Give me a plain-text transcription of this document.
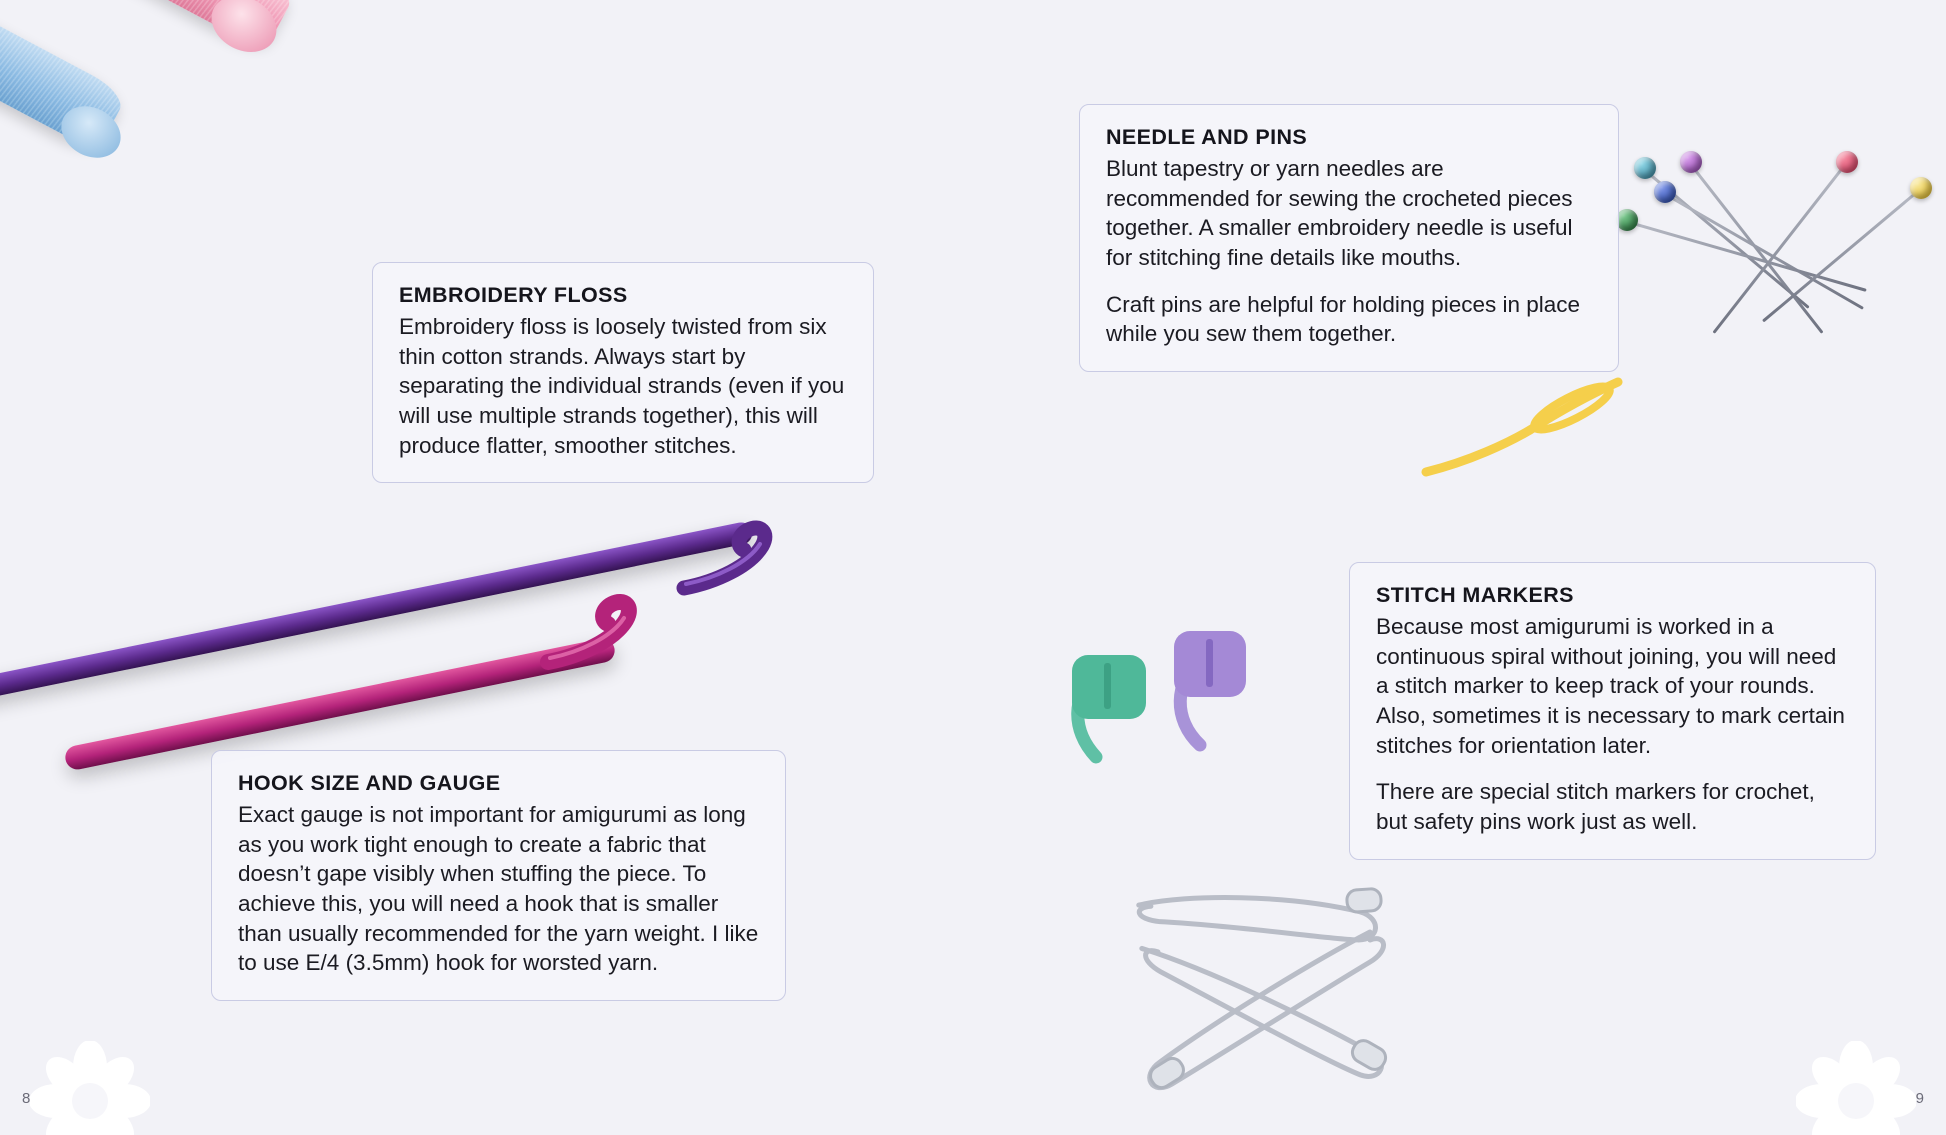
NEEDLE AND PINS

Blunt tapestry or yarn needles are recommended for sewing the crocheted pieces together. A smaller embroidery needle is useful for stitching fine details like mouths.

Craft pins are helpful for holding pieces in place while you sew them together.

EMBROIDERY FLOSS

Embroidery floss is loosely twisted from six thin cotton strands. Always start by separating the individual strands (even if you will use multiple strands together), this will produce flatter, smoother stitches.

STITCH MARKERS

Because most amigurumi is worked in a continuous spiral without joining, you will need a stitch marker to keep track of your rounds. Also, sometimes it is necessary to mark certain stitches for orientation later.

There are special stitch markers for crochet, but safety pins work just as well.

HOOK SIZE AND GAUGE

Exact gauge is not important for amigurumi as long as you work tight enough to create a fabric that doesn’t gape visibly when stuffing the piece. To achieve this, you will need a hook that is smaller than usually recommended for the yarn weight. I like to use E/4 (3.5mm) hook for worsted yarn.

8	9
